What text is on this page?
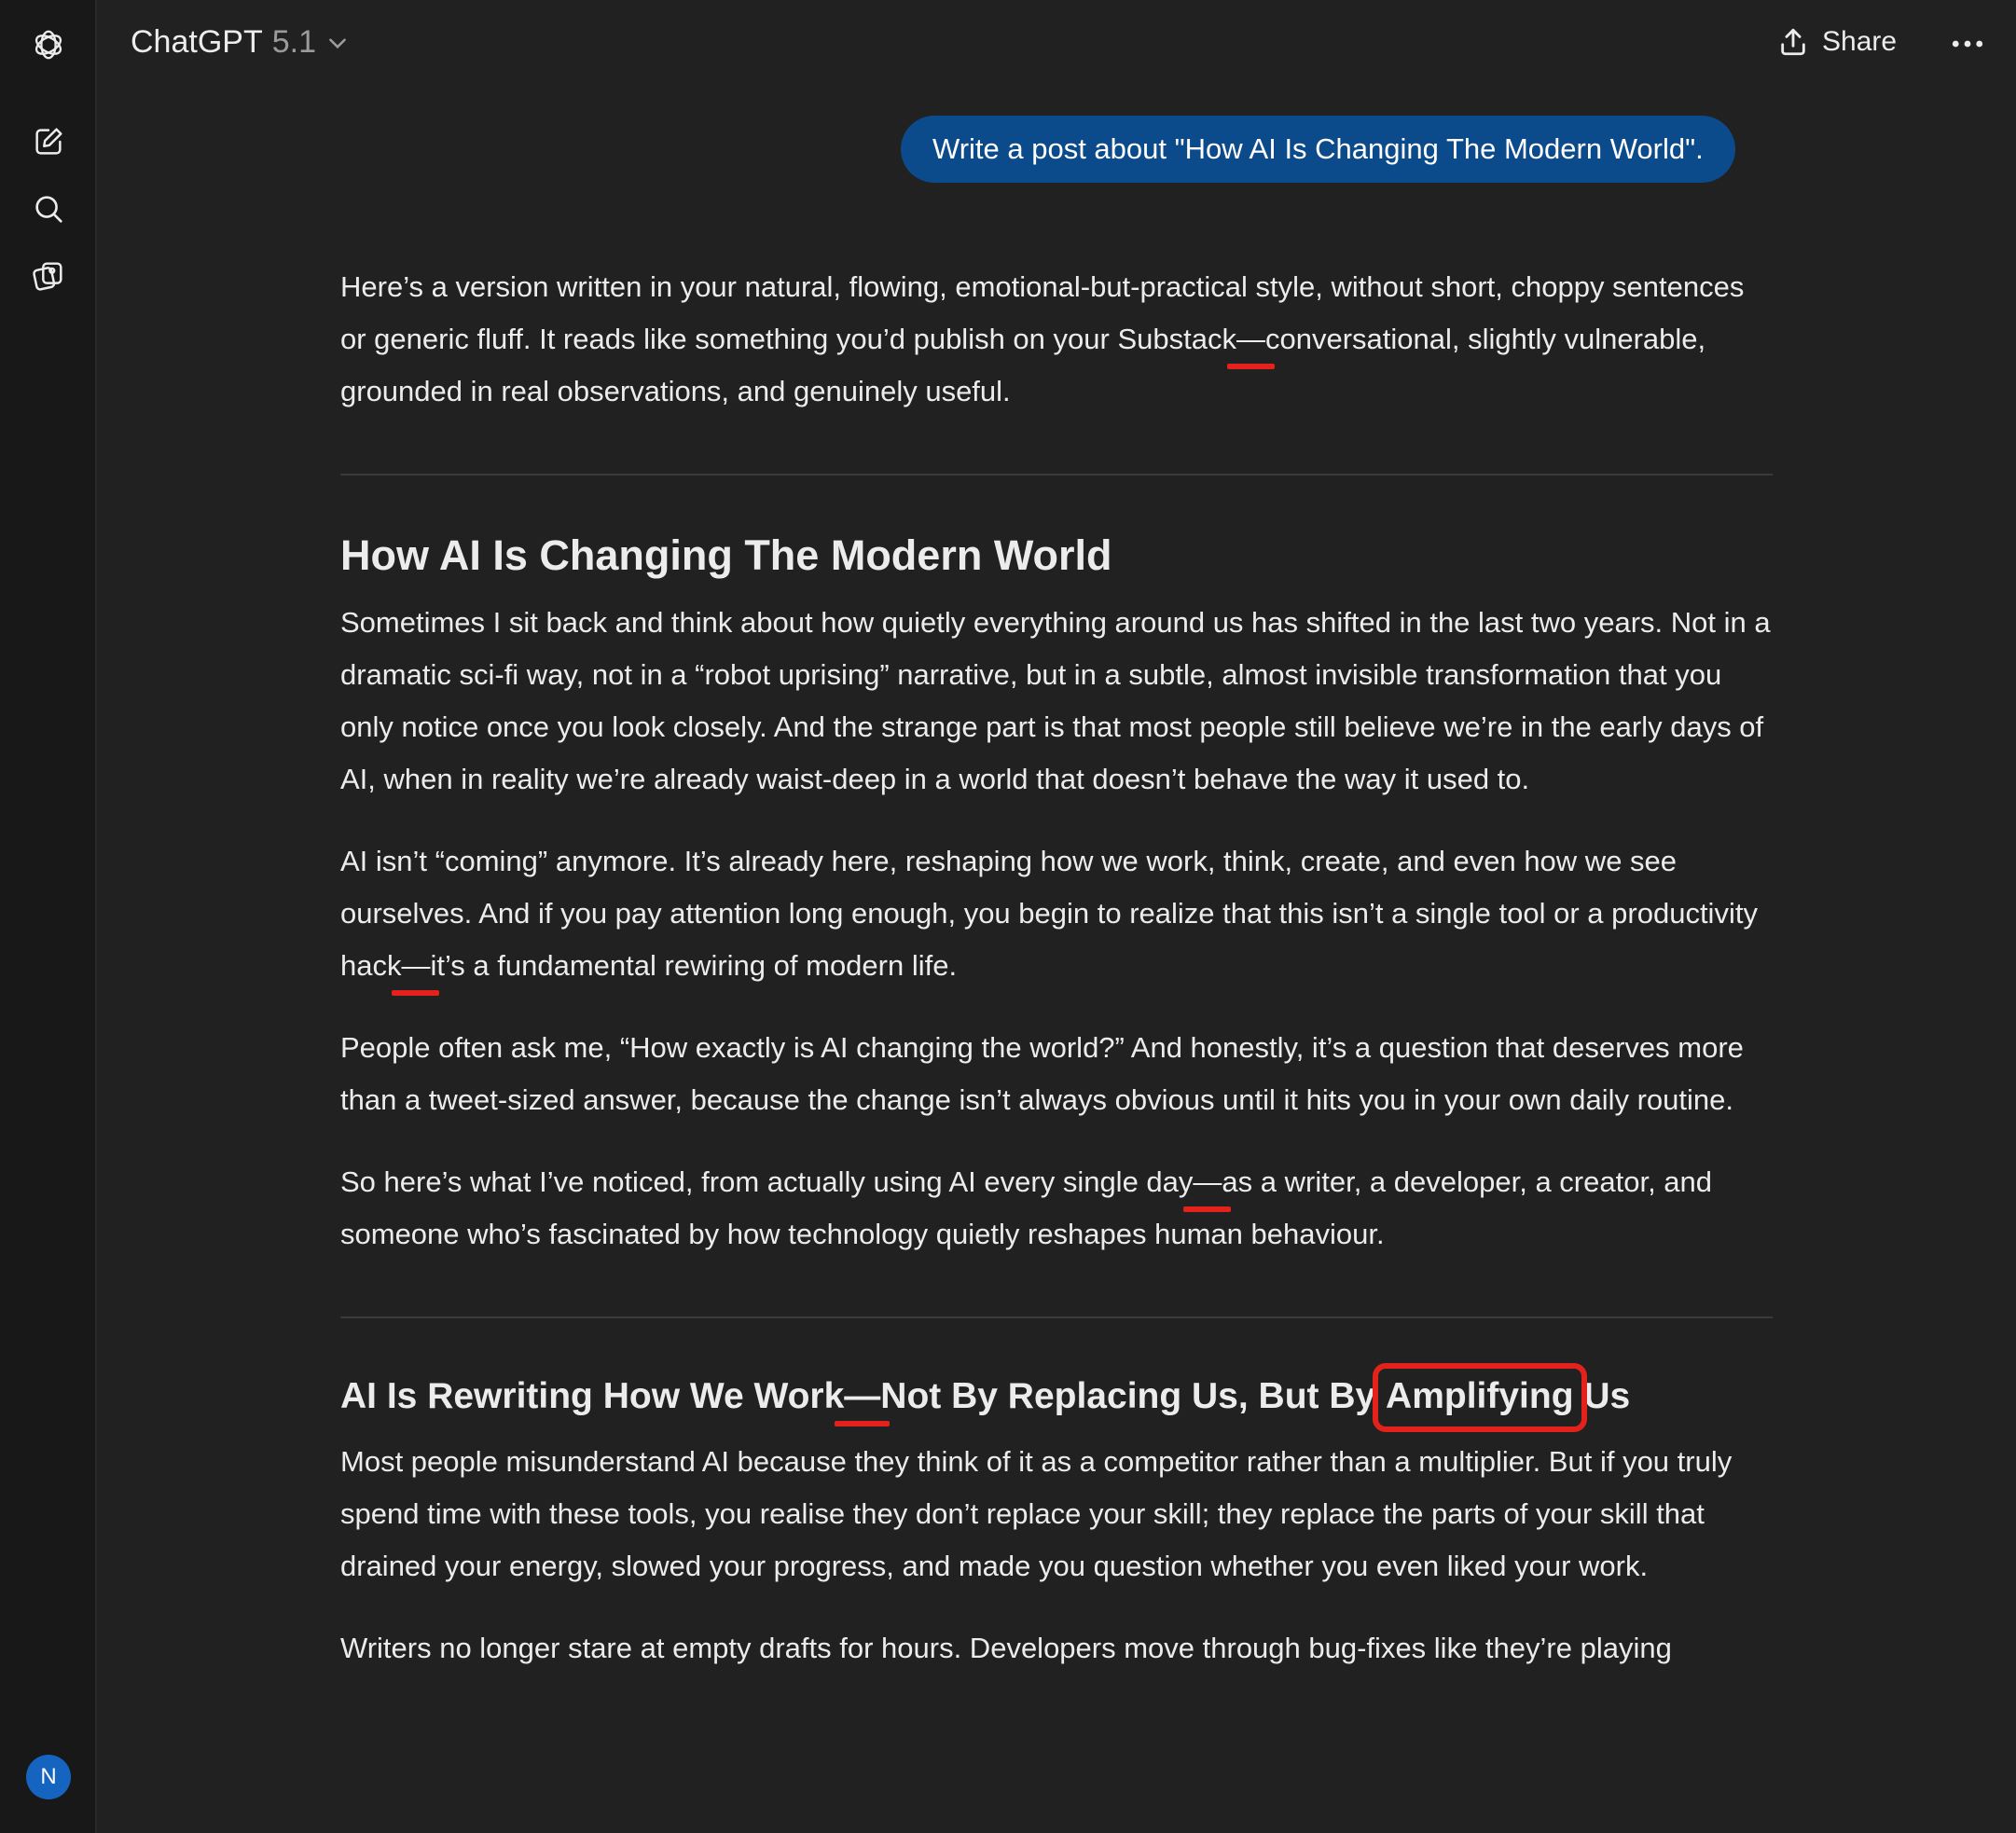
N
ChatGPT 5.1	Share
Write a post about "How AI Is Changing The Modern World".

Here’s a version written in your natural, flowing, emotional-but-practical style, without short, choppy sentences or generic fluff. It reads like something you’d publish on your Substack—
conversational, slightly vulnerable, grounded in real observations, and genuinely useful.

How AI Is Changing The Modern World

Sometimes I sit back and think about how quietly everything around us has shifted in the last two years. Not in a dramatic sci-fi way, not in a “robot uprising” narrative, but in a subtle, almost invisible transformation that you only notice once you look closely. And the strange part is that most people still believe we’re in the early days of AI, when in reality we’re already waist-deep in a world that doesn’t behave the way it used to.

AI isn’t “coming” anymore. It’s already here, reshaping how we work, think, create, and even how we see ourselves. And if you pay attention long enough, you begin to realize that this isn’t a single tool or a productivity hack—
it’s a fundamental rewiring of modern life.

People often ask me, “How exactly is AI changing the world?” And honestly, it’s a question that deserves more than a tweet-sized answer, because the change isn’t always obvious until it hits you in your own daily routine.

So here’s what I’ve noticed, from actually using AI every single day—
as a writer, a developer, a creator, and someone who’s fascinated by how technology quietly reshapes human behaviour.

AI Is Rewriting How We Work—
Not By Replacing Us, But By Amplifying
Us

Most people misunderstand AI because they think of it as a competitor rather than a multiplier. But if you truly spend time with these tools, you realise they don’t replace your skill; they replace the parts of your skill that drained your energy, slowed your progress, and made you question whether you even liked your work.

Writers no longer stare at empty drafts for hours. Developers move through bug-fixes like they’re playing
